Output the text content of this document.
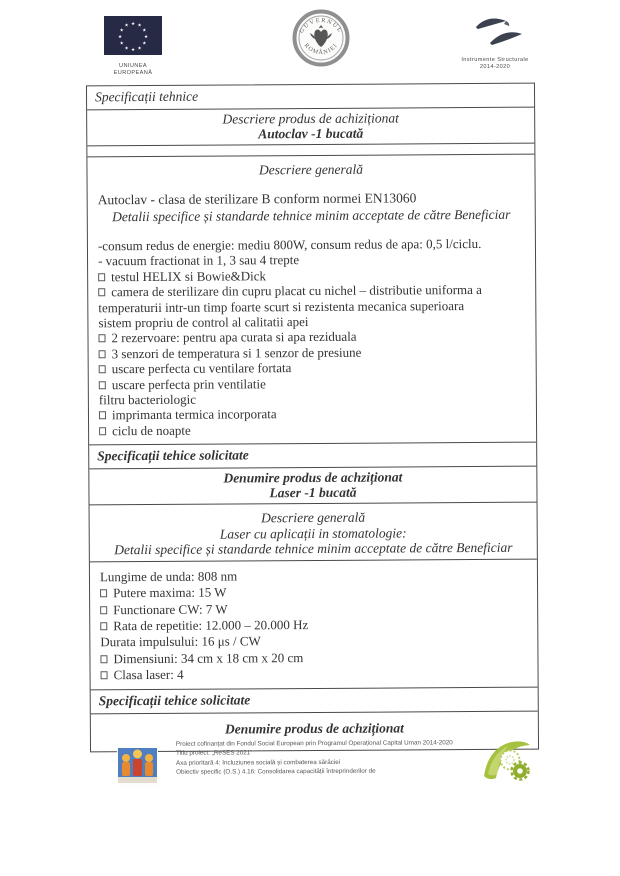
★ ★
★
★
★
★
★
★
★
★
★
★
UNIUNEA EUROPEANĂ
GUVERNUL
ROMÂNIEI
Instrumente Structurale
2014-2020
Specificații tehnice
Descriere produs de achiziționat
Autoclav -1 bucată
Descriere generală
Autoclav - clasa de sterilizare B conform normei EN13060
Detalii specifice și standarde tehnice minim acceptate de către Beneficiar
-consum redus de energie: mediu 800W, consum redus de apa: 0,5 l/ciclu.
- vacuum fractionat in 1, 3 sau 4 trepte
testul HELIX si Bowie&Dick
camera de sterilizare din cupru placat cu nichel – distributie uniforma a temperaturii intr-un timp foarte scurt si rezistenta mecanica superioara
sistem propriu de control al calitatii apei
2 rezervoare: pentru apa curata si apa reziduala
3 senzori de temperatura si 1 senzor de presiune
uscare perfecta cu ventilare fortata
uscare perfecta prin ventilatie
filtru bacteriologic
imprimanta termica incorporata
ciclu de noapte
Specificații tehice solicitate
Denumire produs de achziționat
Laser -1 bucată
Descriere generală
Laser cu aplicații in stomatologie:
Detalii specifice și standarde tehnice minim acceptate de către Beneficiar
Lungime de unda: 808 nm
Putere maxima: 15 W
Functionare CW: 7 W
Rata de repetitie: 12.000 – 20.000 Hz
Durata impulsului: 16 μs / CW
Dimensiuni: 34 cm x 18 cm x 20 cm
Clasa laser: 4
Specificații tehice solicitate
Denumire produs de achziționat
Proiect cofinanțat din Fondul Social European prin Programul Operațional Capital Uman 2014-2020
Titlu proiect: „ReSES 2021”
Axa prioritară 4: Incluziunea socială și combaterea sărăciei
Obiectiv specific (O.S.) 4.16: Consolidarea capacității întreprinderilor de
